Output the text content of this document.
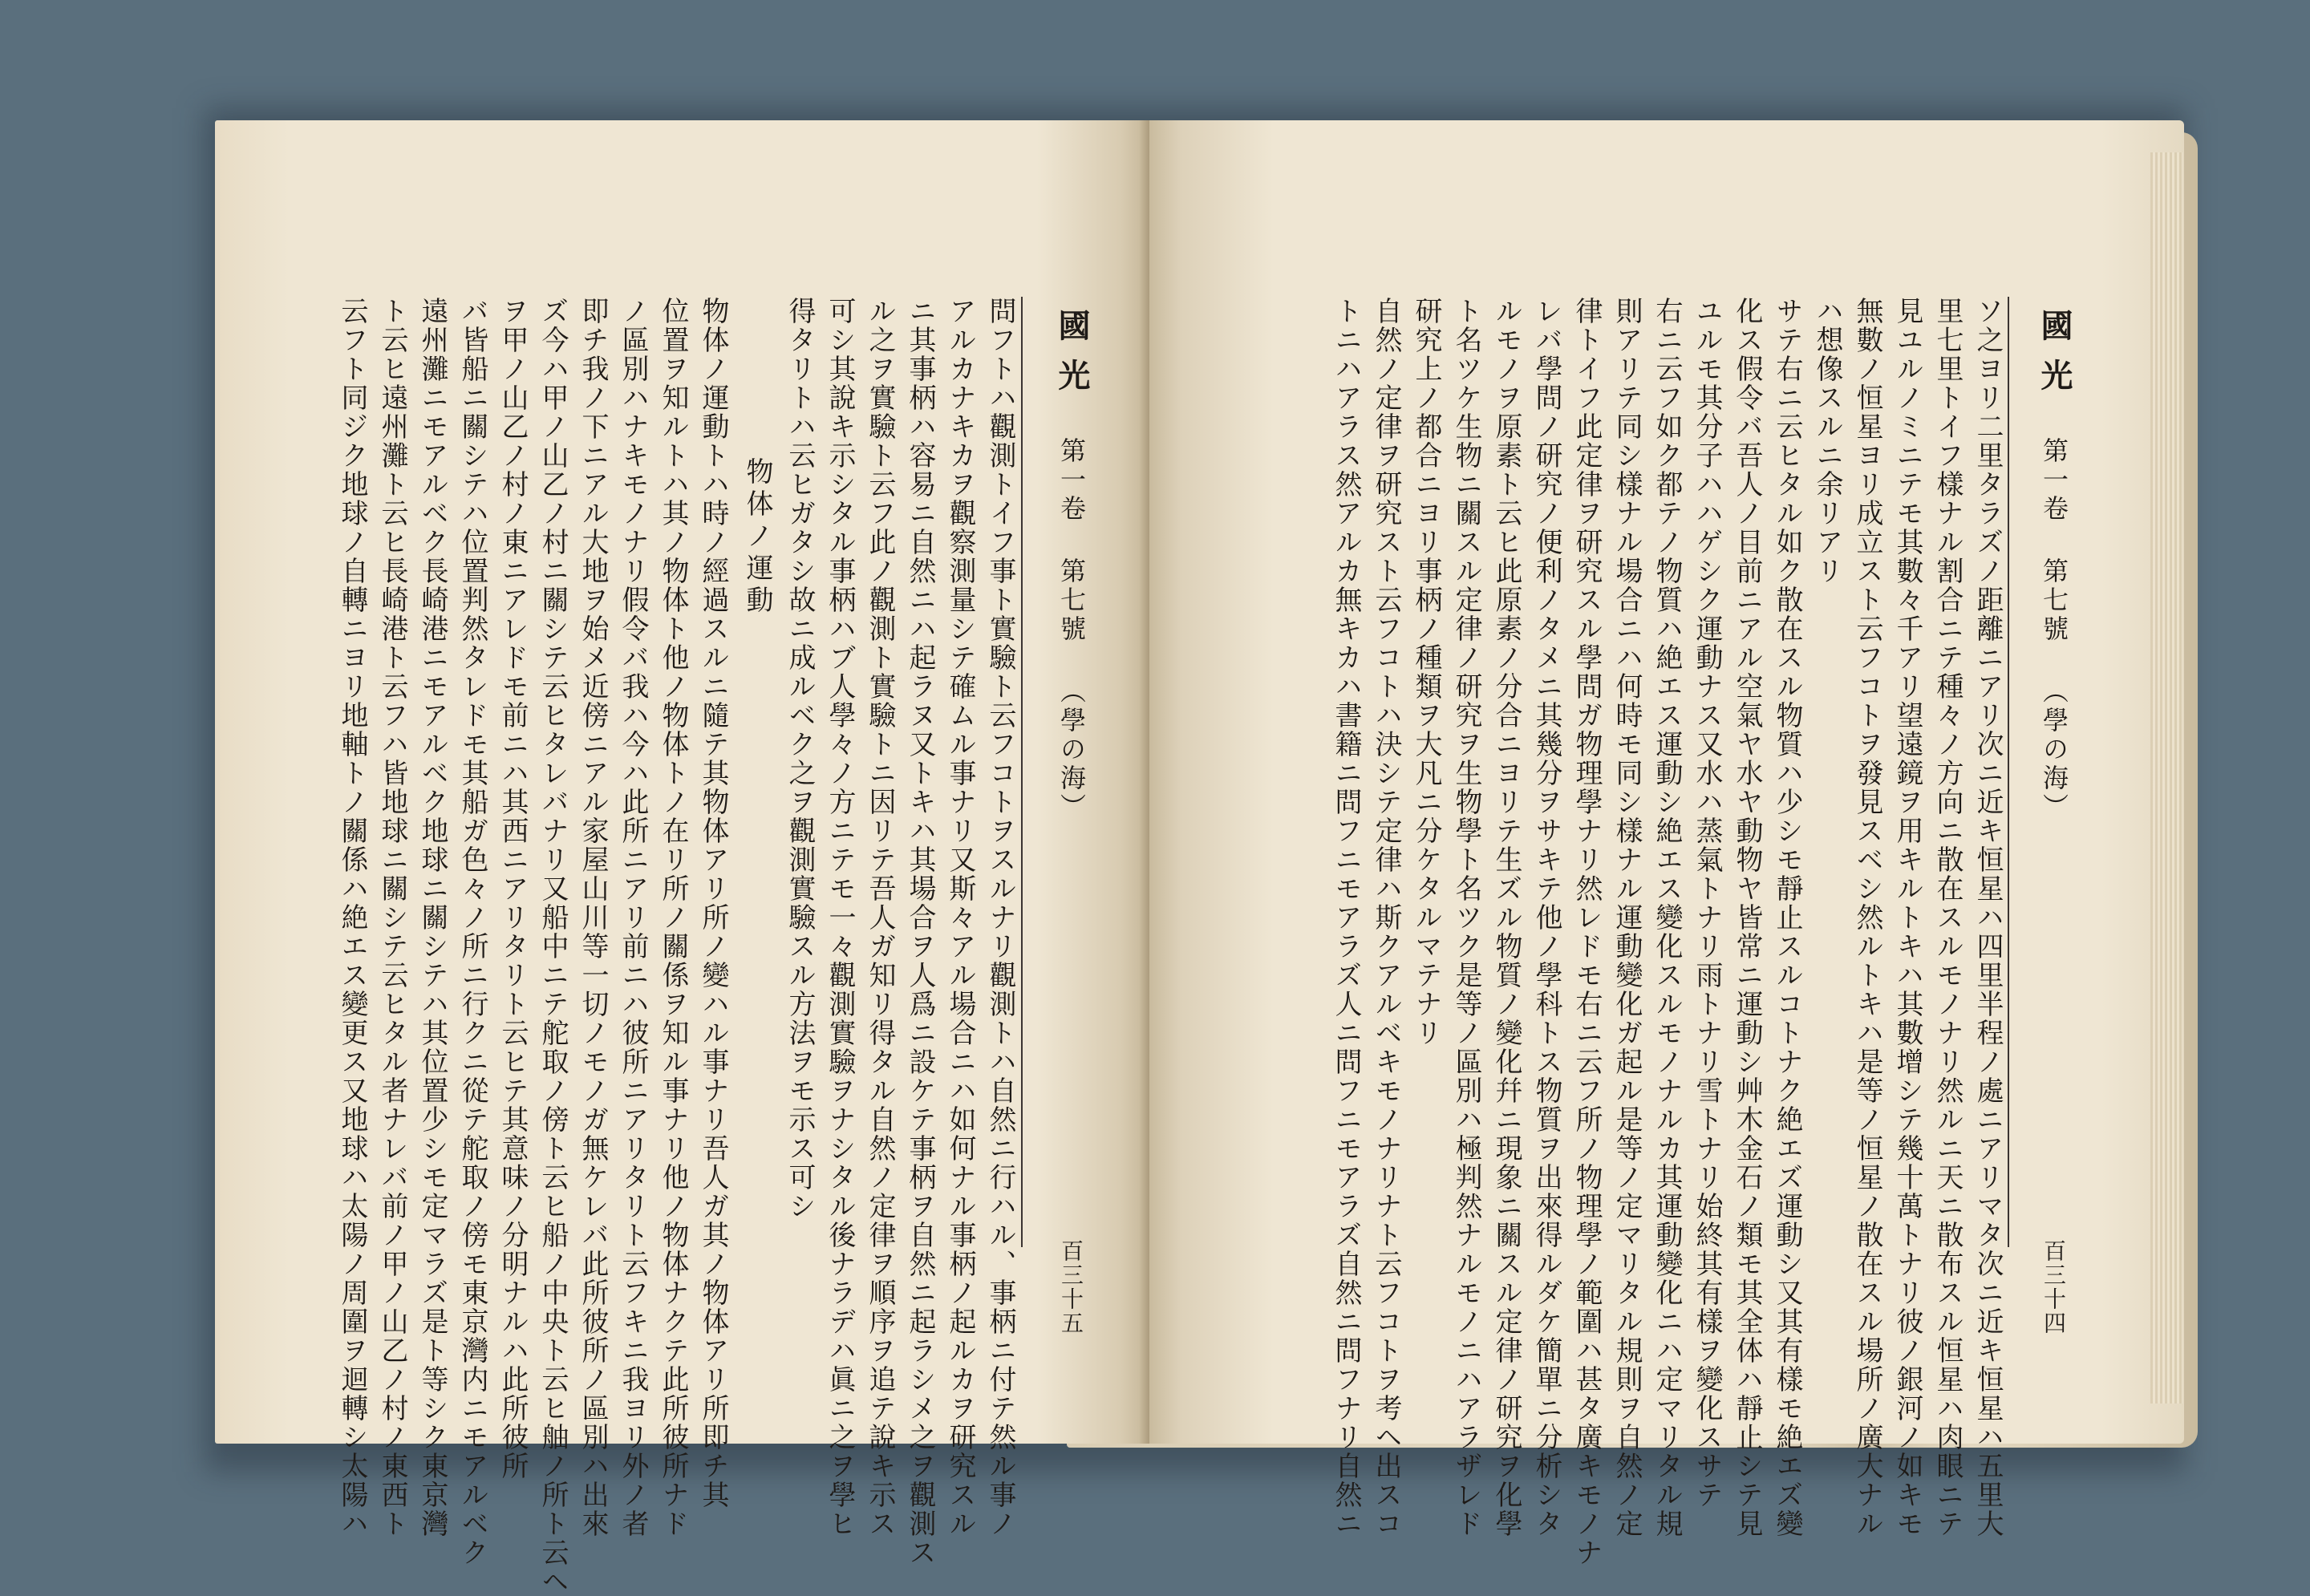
國光
第一卷 第七號 （學の海）
百三十五
問フトハ觀測トイフ事ト實驗ト云フコトヲスルナリ觀測トハ自然ニ行ハル、事柄ニ付テ然ル事ノ
アルカナキカヲ觀察測量シテ確ムル事ナリ又斯々アル場合ニハ如何ナル事柄ノ起ルカヲ研究スル
ニ其事柄ハ容易ニ自然ニハ起ラヌ又トキハ其場合ヲ人爲ニ設ケテ事柄ヲ自然ニ起ラシメ之ヲ觀測ス
ル之ヲ實驗ト云フ此ノ觀測ト實驗トニ因リテ吾人ガ知リ得タル自然ノ定律ヲ順序ヲ追テ說キ示ス
可シ其說キ示シタル事柄ハブ人學々ノ方ニテモ一々觀測實驗ヲナシタル後ナラデハ眞ニ之ヲ學ヒ
得タリトハ云ヒガタシ故ニ成ルベク之ヲ觀測實驗スル方法ヲモ示ス可シ
物体ノ運動
物体ノ運動トハ時ノ經過スルニ隨テ其物体アリ所ノ變ハル事ナリ吾人ガ其ノ物体アリ所即チ其
位置ヲ知ルトハ其ノ物体ト他ノ物体トノ在リ所ノ關係ヲ知ル事ナリ他ノ物体ナクテ此所彼所ナド
ノ區別ハナキモノナリ假令バ我ハ今ハ此所ニアリ前ニハ彼所ニアリタリト云フキニ我ヨリ外ノ者
即チ我ノ下ニアル大地ヲ始メ近傍ニアル家屋山川等一切ノモノガ無ケレバ此所彼所ノ區別ハ出來
ズ今ハ甲ノ山乙ノ村ニ關シテ云ヒタレバナリ又船中ニテ舵取ノ傍ト云ヒ船ノ中央ト云ヒ舳ノ所ト云ヘ
ヲ甲ノ山乙ノ村ノ東ニアレドモ前ニハ其西ニアリタリト云ヒテ其意味ノ分明ナルハ此所彼所
バ皆船ニ關シテハ位置判然タレドモ其船ガ色々ノ所ニ行クニ從テ舵取ノ傍モ東京灣内ニモアルベク
遠州灘ニモアルベク長崎港ニモアルベク地球ニ關シテハ其位置少シモ定マラズ是ト等シク東京灣
ト云ヒ遠州灘ト云ヒ長崎港ト云フハ皆地球ニ關シテ云ヒタル者ナレバ前ノ甲ノ山乙ノ村ノ東西ト
云フト同ジク地球ノ自轉ニヨリ地軸トノ關係ハ絶エス變更ス又地球ハ太陽ノ周圍ヲ迴轉シ太陽ハ	國光
第一卷 第七號 （學の海）
百三十四
ソ之ヨリ二里タラズノ距離ニアリ次ニ近キ恒星ハ四里半程ノ處ニアリマタ次ニ近キ恒星ハ五里大
里七里トイフ樣ナル割合ニテ種々ノ方向ニ散在スルモノナリ然ルニ天ニ散布スル恒星ハ肉眼ニテ
見ユルノミニテモ其數々千アリ望遠鏡ヲ用キルトキハ其數增シテ幾十萬トナリ彼ノ銀河ノ如キモ
無數ノ恒星ヨリ成立スト云フコトヲ發見スベシ然ルトキハ是等ノ恒星ノ散在スル場所ノ廣大ナル
ハ想像スルニ余リアリ
サテ右ニ云ヒタル如ク散在スル物質ハ少シモ靜止スルコトナク絶エズ運動シ又其有樣モ絶エズ變
化ス假令バ吾人ノ目前ニアル空氣ヤ水ヤ動物ヤ皆常ニ運動シ艸木金石ノ類モ其全体ハ靜止シテ見
ユルモ其分子ハハゲシク運動ナス又水ハ蒸氣トナリ雨トナリ雪トナリ始終其有樣ヲ變化スサテ
右ニ云フ如ク都テノ物質ハ絶エス運動シ絶エス變化スルモノナルカ其運動變化ニハ定マリタル規
則アリテ同シ樣ナル場合ニハ何時モ同シ樣ナル運動變化ガ起ル是等ノ定マリタル規則ヲ自然ノ定
律トイフ此定律ヲ研究スル學問ガ物理學ナリ然レドモ右ニ云フ所ノ物理學ノ範圍ハ甚タ廣キモノナ
レバ學問ノ研究ノ便利ノタメニ其幾分ヲサキテ他ノ學科トス物質ヲ出來得ルダケ簡單ニ分析シタ
ルモノヲ原素ト云ヒ此原素ノ分合ニヨリテ生ズル物質ノ變化幷ニ現象ニ關スル定律ノ研究ヲ化學
ト名ツケ生物ニ關スル定律ノ研究ヲ生物學ト名ツク是等ノ區別ハ極判然ナルモノニハアラザレド
研究上ノ都合ニヨリ事柄ノ種類ヲ大凡ニ分ケタルマテナリ
自然ノ定律ヲ研究スト云フコトハ決シテ定律ハ斯クアルベキモノナリナト云フコトヲ考ヘ出スコ
トニハアラス然アルカ無キカハ書籍ニ問フニモアラズ人ニ問フニモアラズ自然ニ問フナリ自然ニ
